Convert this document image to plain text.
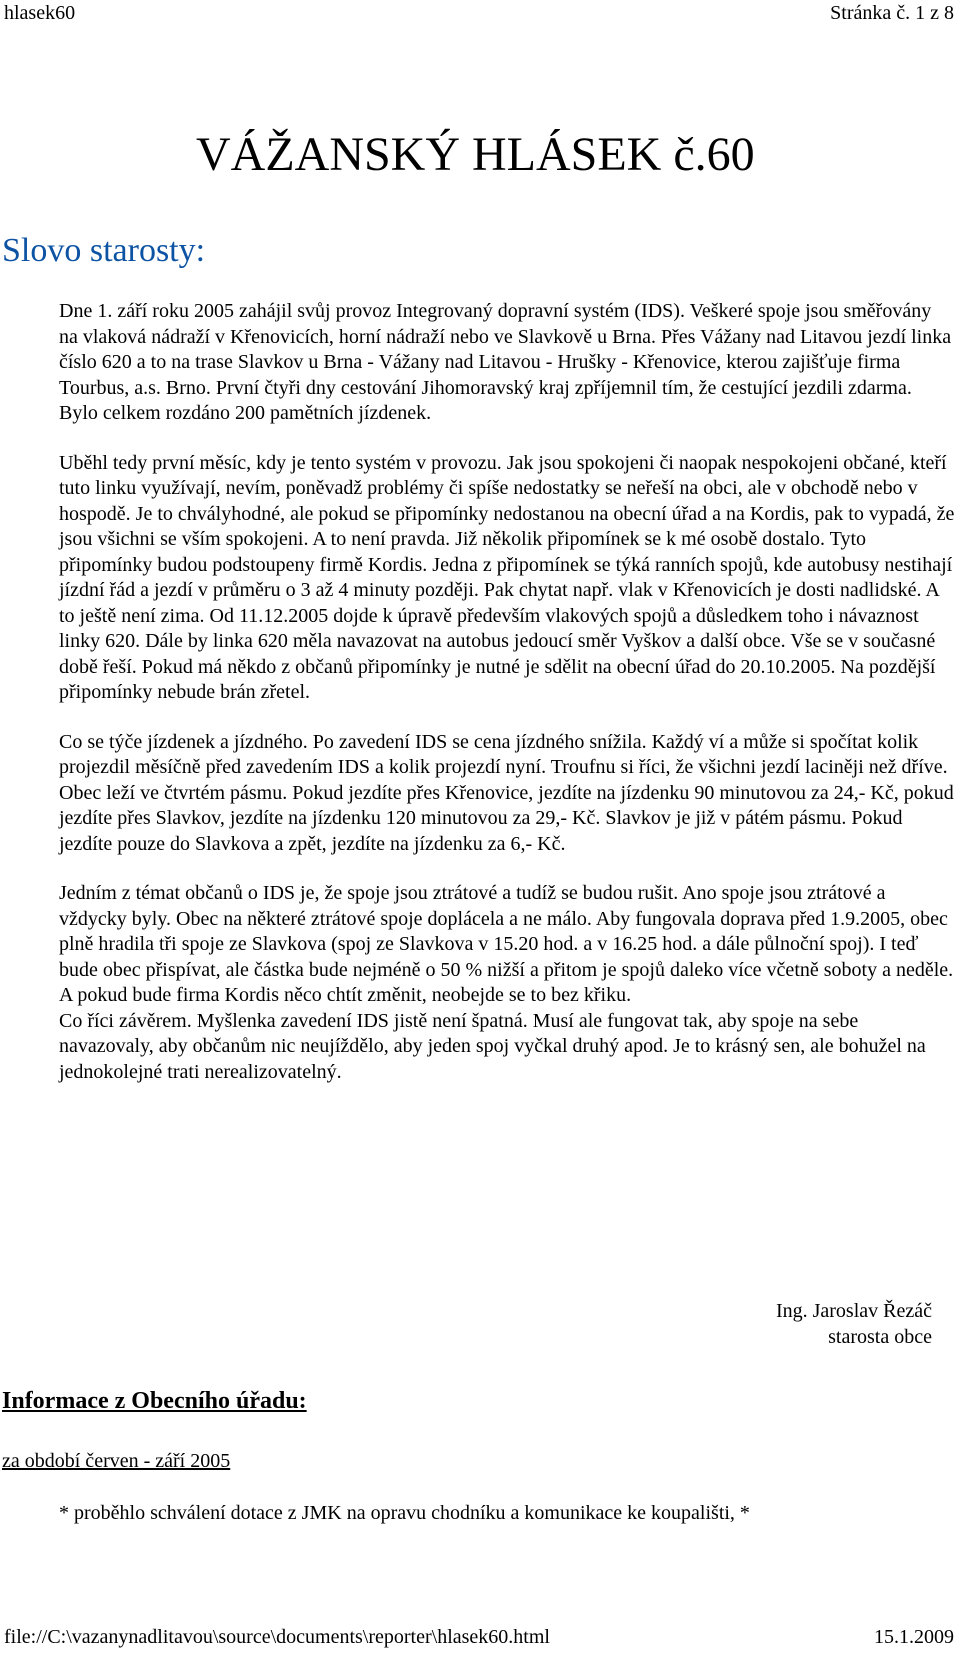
hlasek60	Stránka č. 1 z 8
VÁŽANSKÝ HLÁSEK č.60
Slovo starosty:

Dne 1. září roku 2005 zahájil svůj provoz Integrovaný dopravní systém (IDS). Veškeré spoje jsou směřovány na vlaková nádraží v Křenovicích, horní nádraží nebo ve Slavkově u Brna. Přes Vážany nad Litavou jezdí linka číslo 620 a to na trase Slavkov u Brna - Vážany nad Litavou - Hrušky - Křenovice, kterou zajišťuje firma Tourbus, a.s. Brno. První čtyři dny cestování Jihomoravský kraj zpříjemnil tím, že cestující jezdili zdarma. Bylo celkem rozdáno 200 pamětních jízdenek.

Uběhl tedy první měsíc, kdy je tento systém v provozu. Jak jsou spokojeni či naopak nespokojeni občané, kteří tuto linku využívají, nevím, poněvadž problémy či spíše nedostatky se neřeší na obci, ale v obchodě nebo v hospodě. Je to chvályhodné, ale pokud se připomínky nedostanou na obecní úřad a na Kordis, pak to vypadá, že jsou všichni se vším spokojeni. A to není pravda. Již několik připomínek se k mé osobě dostalo. Tyto připomínky budou podstoupeny firmě Kordis. Jedna z připomínek se týká ranních spojů, kde autobusy nestihají jízdní řád a jezdí v průměru o 3 až 4 minuty později. Pak chytat např. vlak v Křenovicích je dosti nadlidské. A to ještě není zima. Od 11.12.2005 dojde k úpravě především vlakových spojů a důsledkem toho i návaznost linky 620. Dále by linka 620 měla navazovat na autobus jedoucí směr Vyškov a další obce. Vše se v současné době řeší. Pokud má někdo z občanů připomínky je nutné je sdělit na obecní úřad do 20.10.2005. Na pozdější připomínky nebude brán zřetel.

Co se týče jízdenek a jízdného. Po zavedení IDS se cena jízdného snížila. Každý ví a může si spočítat kolik projezdil měsíčně před zavedením IDS a kolik projezdí nyní. Troufnu si říci, že všichni jezdí laciněji než dříve. Obec leží ve čtvrtém pásmu. Pokud jezdíte přes Křenovice, jezdíte na jízdenku 90 minutovou za 24,- Kč, pokud jezdíte přes Slavkov, jezdíte na jízdenku 120 minutovou za 29,- Kč. Slavkov je již v pátém pásmu. Pokud jezdíte pouze do Slavkova a zpět, jezdíte na jízdenku za 6,- Kč.

Jedním z témat občanů o IDS je, že spoje jsou ztrátové a tudíž se budou rušit. Ano spoje jsou ztrátové a vždycky byly. Obec na některé ztrátové spoje doplácela a ne málo. Aby fungovala doprava před 1.9.2005, obec plně hradila tři spoje ze Slavkova (spoj ze Slavkova v 15.20 hod. a v 16.25 hod. a dále půlnoční spoj). I teď bude obec přispívat, ale částka bude nejméně o 50 % nižší a přitom je spojů daleko více včetně soboty a neděle. A pokud bude firma Kordis něco chtít změnit, neobejde se to bez křiku.

Co říci závěrem. Myšlenka zavedení IDS jistě není špatná. Musí ale fungovat tak, aby spoje na sebe navazovaly, aby občanům nic neujíždělo, aby jeden spoj vyčkal druhý apod. Je to krásný sen, ale bohužel na jednokolejné trati nerealizovatelný.

Ing. Jaroslav Řezáč
starosta obce
Informace z Obecního úřadu:
za období červen - září 2005
* proběhlo schválení dotace z JMK na opravu chodníku a komunikace ke koupališti, *
file://C:\vazanynadlitavou\source\documents\reporter\hlasek60.html	15.1.2009
